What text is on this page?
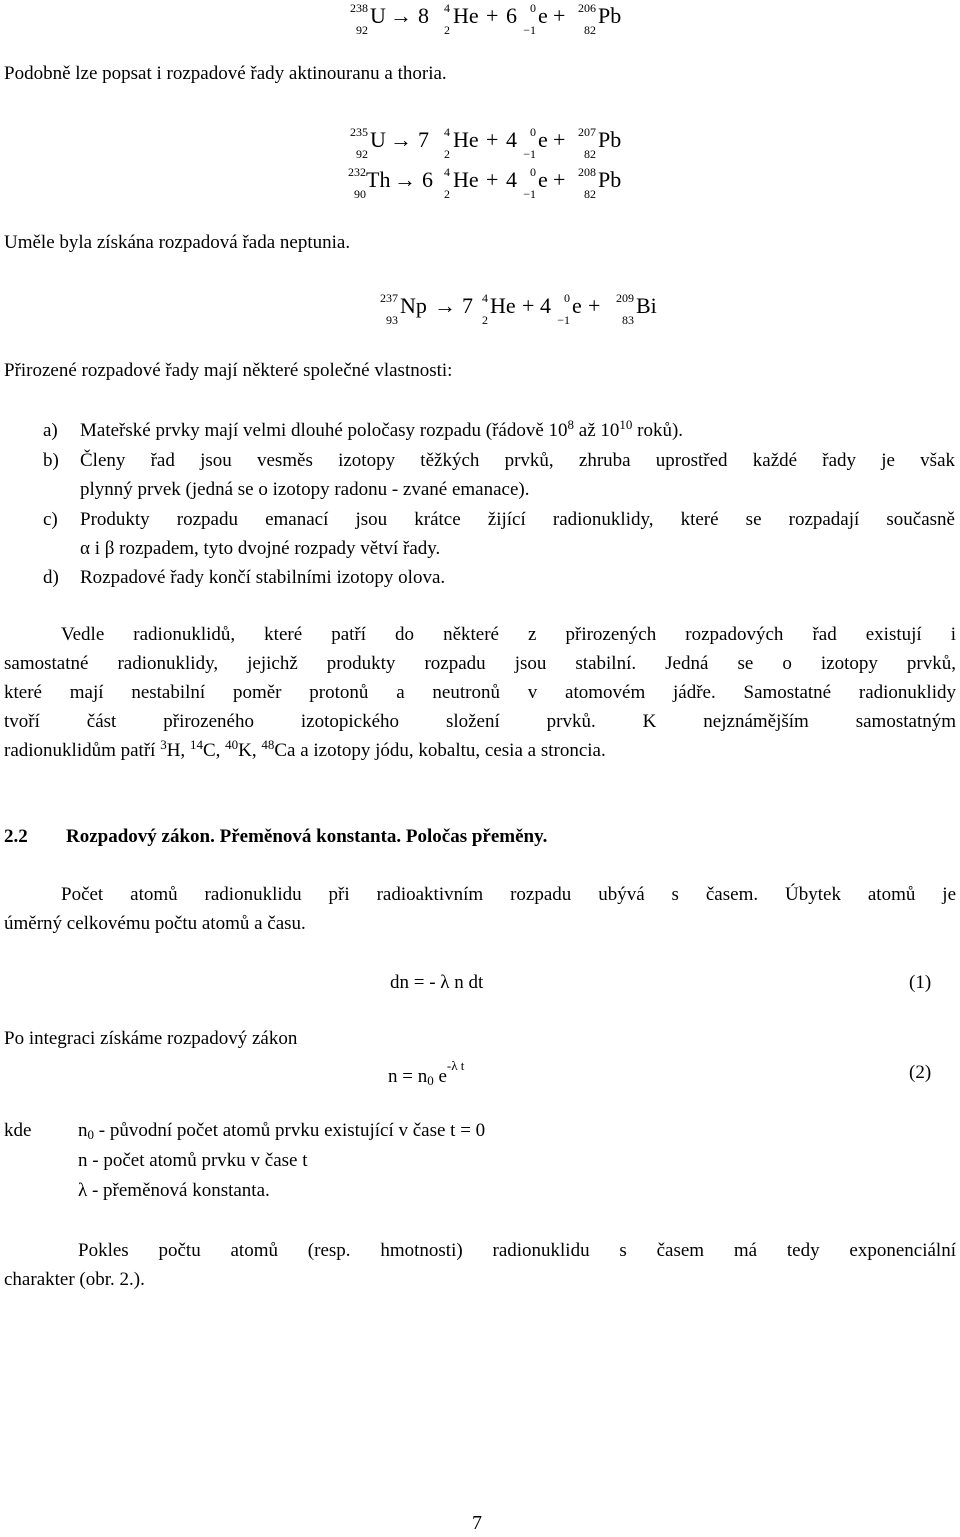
238
92
U → 8 4
2
He + 6 0
−1
e + 206
82
Pb
Podobně lze popsat i rozpadové řady aktinouranu a thoria.
235
92
U → 7 4
2
He + 4 0
−1
e + 207
82
Pb
232
90
Th → 6 4
2
He + 4 0
−1
e + 208
82
Pb
Uměle byla získána rozpadová řada neptunia.
237
93
Np → 7 4
2
He + 4 0
−1
e + 209
83
Bi
Přirozené rozpadové řady mají některé společné vlastnosti:
a) Mateřské prvky mají velmi dlouhé poločasy rozpadu (řádově $10^8$ až $10^{10}$ roků).
b) Členy řad jsou vesměs izotopy těžkých prvků, zhruba uprostřed každé řady je však
plynný prvek (jedná se o izotopy radonu - zvané emanace).
c) Produkty rozpadu emanací jsou krátce žijící radionuklidy, které se rozpadají současně
α i β rozpadem, tyto dvojné rozpady větví řady.
d) Rozpadové řady končí stabilními izotopy olova.
Vedle radionuklidů, které patří do některé z přirozených rozpadových řad existují i
samostatné radionuklidy, jejichž produkty rozpadu jsou stabilní. Jedná se o izotopy prvků,
které mají nestabilní poměr protonů a neutronů v atomovém jádře. Samostatné radionuklidy
tvoří část přirozeného izotopického složení prvků. K nejznámějším samostatným
radionuklidům patří $^3$H, $^{14}$C, $^{40}$K, $^{48}$Ca a izotopy jódu, kobaltu, cesia a stroncia.
2.2 Rozpadový zákon. Přeměnová konstanta. Poločas přeměny.
Počet atomů radionuklidu při radioaktivním rozpadu ubývá s časem. Úbytek atomů je
úměrný celkovému počtu atomů a času.
dn = - λ n dt	(1)
Po integraci získáme rozpadový zákon
$n = n_0$ $e^{-\lambda t}$	(2)
kde $n_0$ - původní počet atomů prvku existující v čase t = 0
n - počet atomů prvku v čase t
λ - přeměnová konstanta.
Pokles počtu atomů (resp. hmotnosti) radionuklidu s časem má tedy exponenciální
charakter (obr. 2.).
7
